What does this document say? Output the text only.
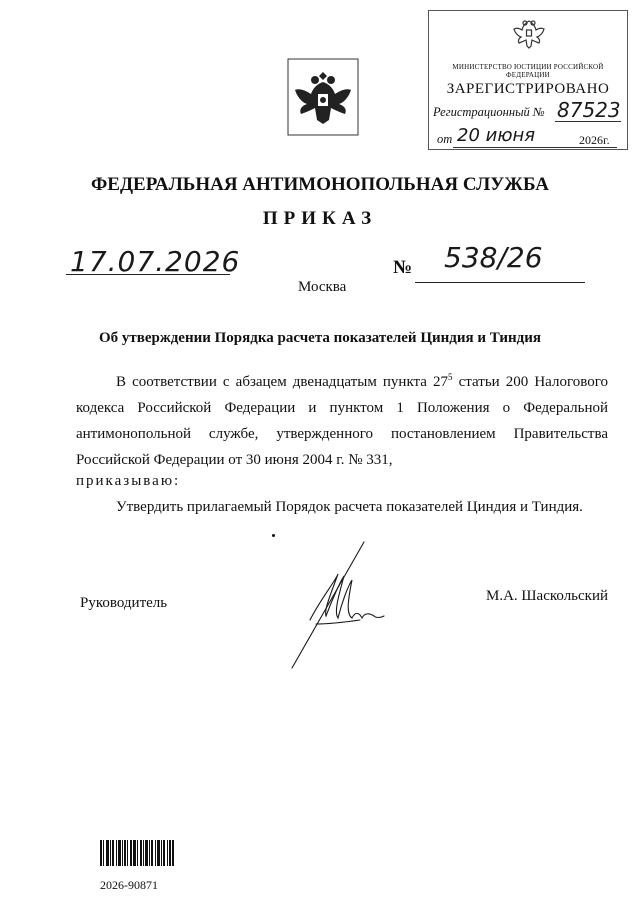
МИНИСТЕРСТВО ЮСТИЦИИ РОССИЙСКОЙ ФЕДЕРАЦИИ
ЗАРЕГИСТРИРОВАНО
Регистрационный № 87523
от 20 июня	2026г.
ФЕДЕРАЛЬНАЯ АНТИМОНОПОЛЬНАЯ СЛУЖБА
ПРИКАЗ
17.07.2026
Москва
№ 538/26
Об утверждении Порядка расчета показателей Циндия и Тиндия
В соответствии с абзацем двенадцатым пункта $27^5$ статьи 200 Налогового кодекса Российской Федерации и пунктом 1 Положения о Федеральной антимонопольной службе, утвержденного постановлением Правительства Российской Федерации от 30 июня 2004 г. № 331,
приказываю:
Утвердить прилагаемый Порядок расчета показателей Циндия и Тиндия.
Руководитель	М.А. Шаскольский
2026-90871
